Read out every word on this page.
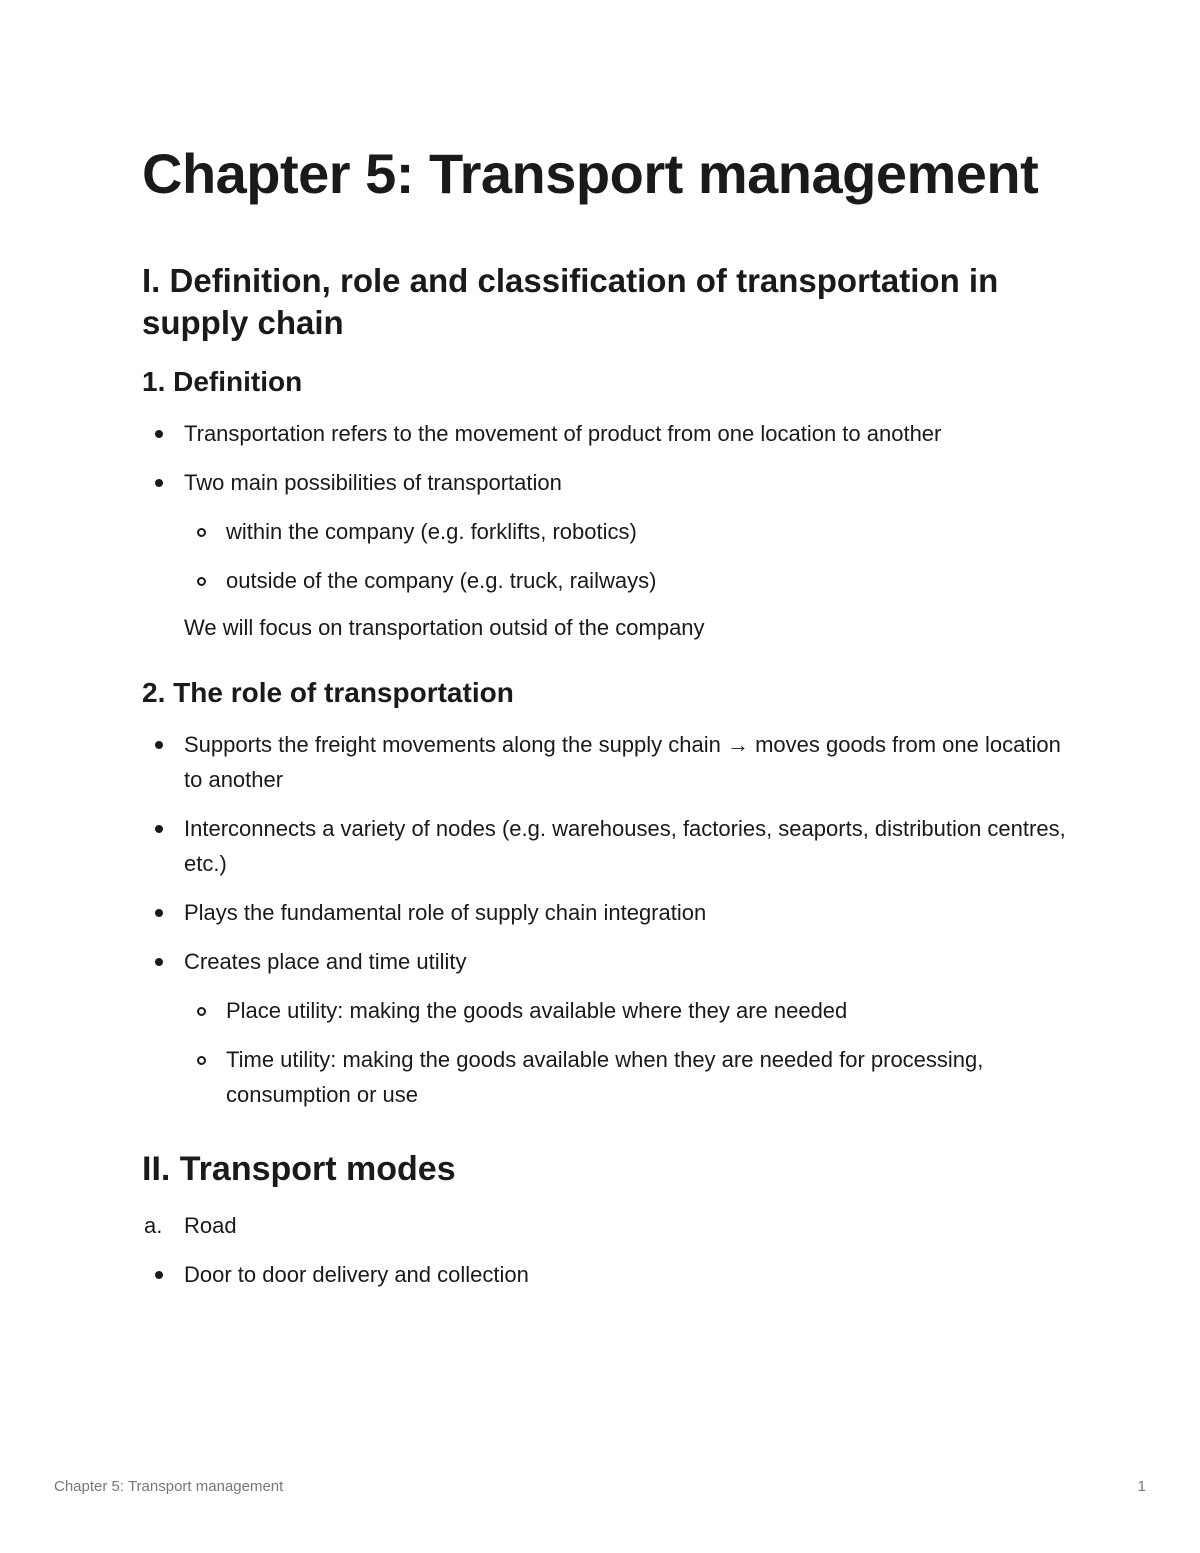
Chapter 5: Transport management
I. Definition, role and classification of transportation in supply chain
1. Definition
Transportation refers to the movement of product from one location to another
Two main possibilities of transportation
within the company (e.g. forklifts, robotics)
outside of the company (e.g. truck, railways)
We will focus on transportation outsid of the company
2. The role of transportation
Supports the freight movements along the supply chain → moves goods from one location to another
Interconnects a variety of nodes (e.g. warehouses, factories, seaports, distribution centres, etc.)
Plays the fundamental role of supply chain integration
Creates place and time utility
Place utility: making the goods available where they are needed
Time utility: making the goods available when they are needed for processing, consumption or use
II. Transport modes
a. Road
Door to door delivery and collection
Chapter 5: Transport management	1
